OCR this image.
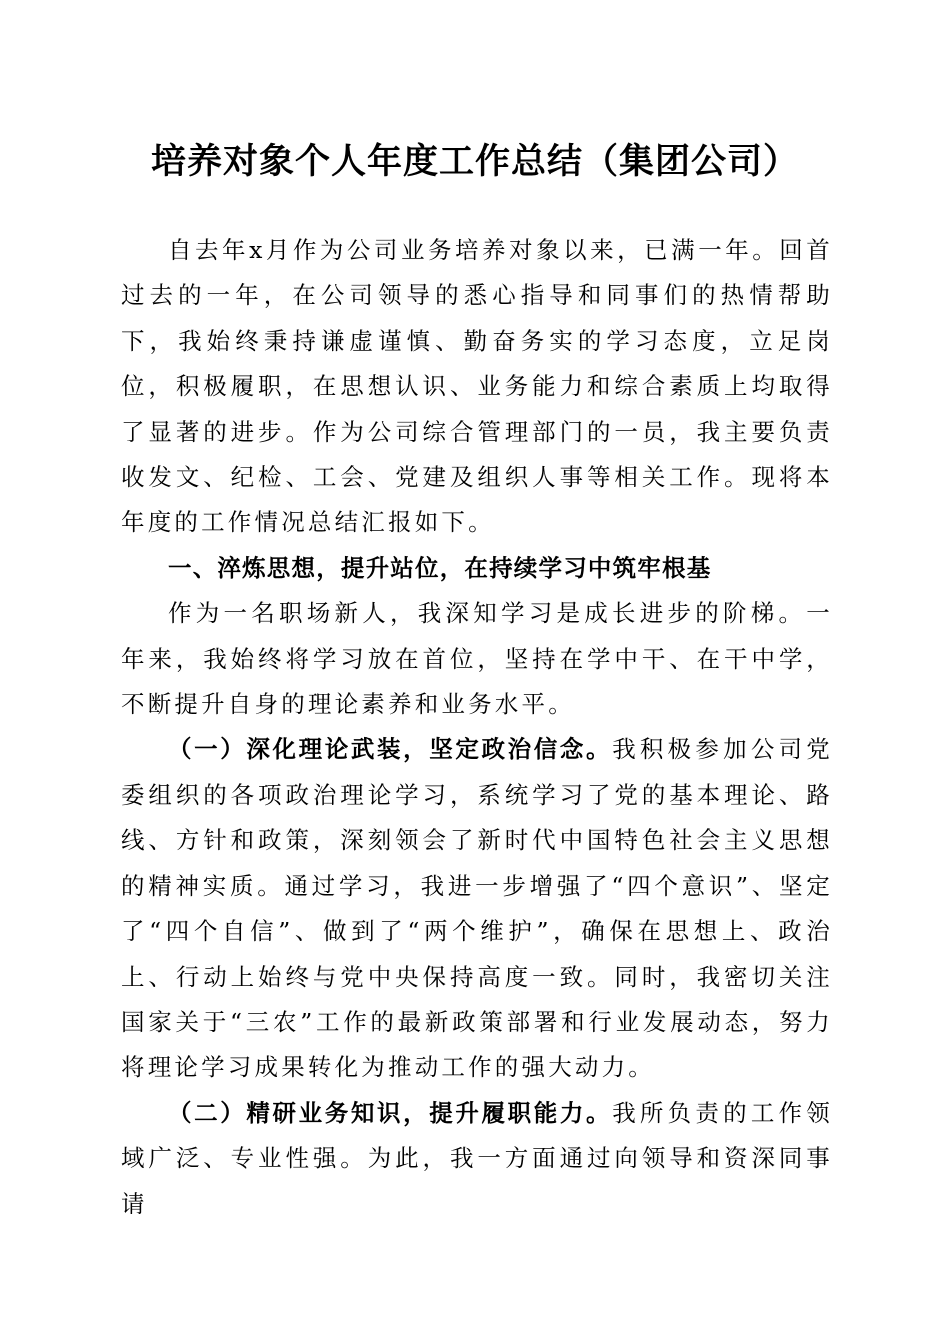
培养对象个人年度工作总结（集团公司）

自去年x月作为公司业务培养对象以来，已满一年。回首过去的一年，在公司领导的悉心指导和同事们的热情帮助下，我始终秉持谦虚谨慎、勤奋务实的学习态度，立足岗位，积极履职，在思想认识、业务能力和综合素质上均取得了显著的进步。作为公司综合管理部门的一员，我主要负责收发文、纪检、工会、党建及组织人事等相关工作。现将本年度的工作情况总结汇报如下。

一、淬炼思想，提升站位，在持续学习中筑牢根基

作为一名职场新人，我深知学习是成长进步的阶梯。一年来，我始终将学习放在首位，坚持在学中干、在干中学，不断提升自身的理论素养和业务水平。

（一）深化理论武装，坚定政治信念。我积极参加公司党委组织的各项政治理论学习，系统学习了党的基本理论、路线、方针和政策，深刻领会了新时代中国特色社会主义思想的精神实质。通过学习，我进一步增强了“四个意识”、坚定了“四个自信”、做到了“两个维护”，确保在思想上、政治上、行动上始终与党中央保持高度一致。同时，我密切关注国家关于“三农”工作的最新政策部署和行业发展动态，努力将理论学习成果转化为推动工作的强大动力。

（二）精研业务知识，提升履职能力。我所负责的工作领域广泛、专业性强。为此，我一方面通过向领导和资深同事请
